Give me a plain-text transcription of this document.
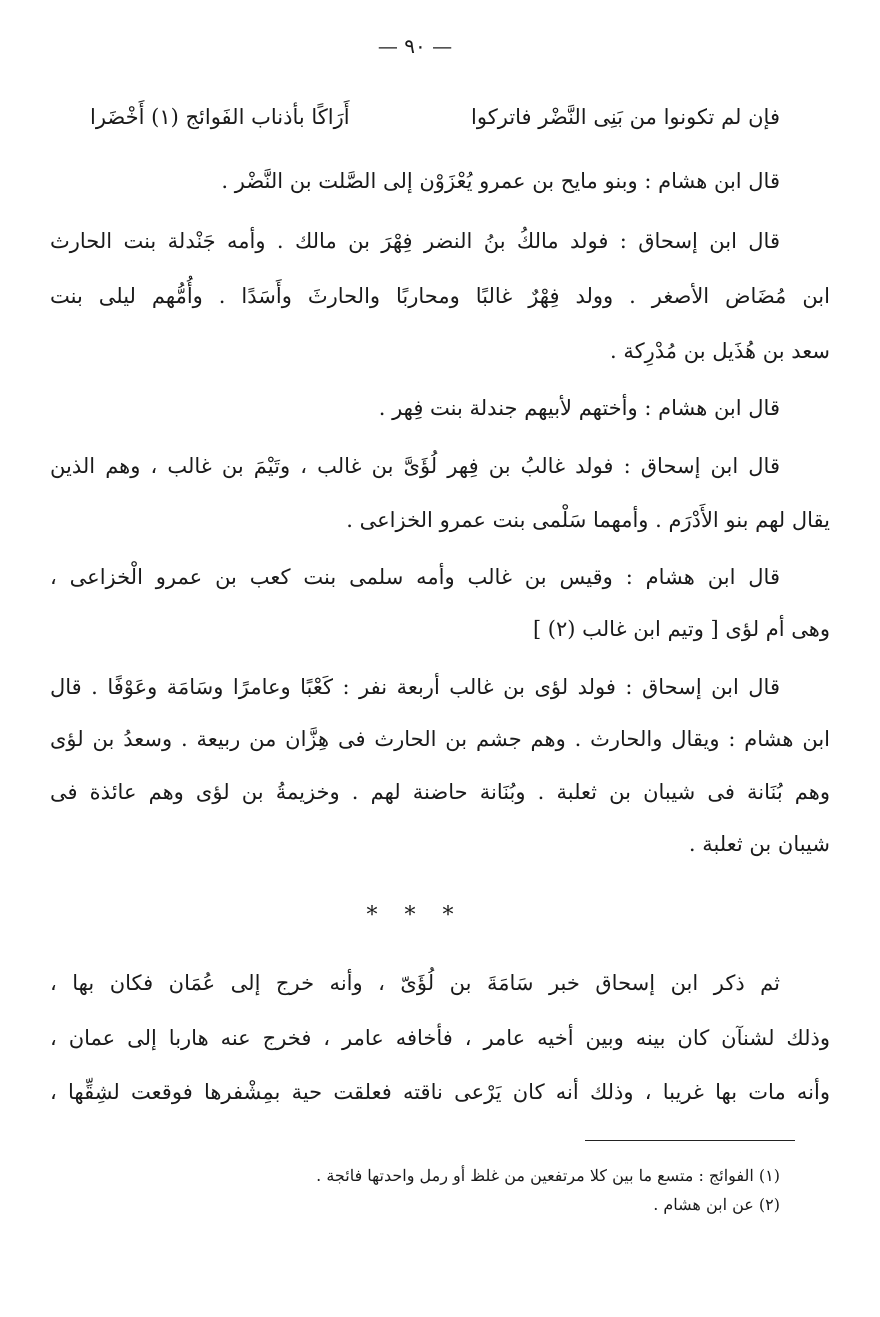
— ٩٠ —
فإن لم تكونوا من بَنِى النَّضْر فاتركوا
أَرَاكًا بأذناب الفَوائج (١) أَخْضَرا
قال ابن هشام : وبنو مايح بن عمرو يُعْزَوْن إلى الصَّلت بن النَّضْر .
قال ابن إسحاق : فولد مالكُ بنُ النضر فِهْرَ بن مالك . وأمه جَنْدلة بنت الحارث
ابن مُضَاض الأصغر . وولد فِهْرٌ غالبًا ومحاربًا والحارثَ وأَسَدًا . وأُمُّهم ليلى بنت
سعد بن هُذَيل بن مُدْرِكة .
قال ابن هشام : وأختهم لأبيهم جندلة بنت فِهر .
قال ابن إسحاق : فولد غالبُ بن فِهر لُؤَىَّ بن غالب ، وتَيْمَ بن غالب ، وهم الذين
يقال لهم بنو الأَدْرَم . وأمهما سَلْمى بنت عمرو الخزاعى .
قال ابن هشام : وقيس بن غالب وأمه سلمى بنت كعب بن عمرو الْخزاعى ،
وهى أم لؤى [ وتيم ابن غالب (٢) ]
قال ابن إسحاق : فولد لؤى بن غالب أربعة نفر : كَعْبًا وعامرًا وسَامَة وعَوْفًا . قال
ابن هشام : ويقال والحارث . وهم جشم بن الحارث فى هِزَّان من ربيعة . وسعدُ بن لؤى
وهم بُنَانة فى شيبان بن ثعلبة . وبُنَانة حاضنة لهم . وخزيمةُ بن لؤى وهم عائذة فى
شيبان بن ثعلبة .
* * *
ثم ذكر ابن إسحاق خبر سَامَةَ بن لُؤَىّ ، وأنه خرج إلى عُمَان فكان بها ،
وذلك لشنآن كان بينه وبين أخيه عامر ، فأخافه عامر ، فخرج عنه هاربا إلى عمان ،
وأنه مات بها غريبا ، وذلك أنه كان يَرْعى ناقته فعلقت حية بمِشْفرها فوقعت لشِقِّها ،
(١) الفوائج : متسع ما بين كلا مرتفعين من غلظ أو رمل واحدتها فائجة .
(٢) عن ابن هشام .
